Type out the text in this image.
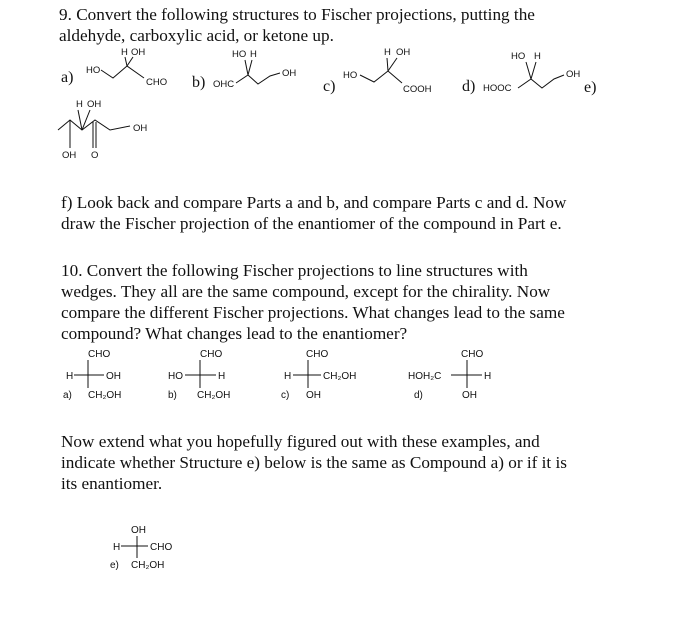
9. Convert the following structures to Fischer projections, putting the
aldehyde, carboxylic acid, or ketone up.
a) HO
H OH
CHO b) OHC
HO H
OH
c)
HO
H OH
COOH d) HOOC
HO H
OH
e)
H OH
OH
OH O
f) Look back and compare Parts a and b, and compare Parts c and d. Now
draw the Fischer projection of the enantiomer of the compound in Part e.
10. Convert the following Fischer projections to line structures with
wedges. They all are the same compound, except for the chirality. Now
compare the different Fischer projections. What changes lead to the same
compound? What changes lead to the enantiomer?
CHO
H	OH
a) CH₂OH
CHO
HO	H
b) CH₂OH
CHO
H	CH₂OH
c) OH
CHO
HOH₂C	H
d)	OH
OH
H	CHO
e) CH₂OH
Now extend what you hopefully figured out with these examples, and
indicate whether Structure e) below is the same as Compound a) or if it is
its enantiomer.
